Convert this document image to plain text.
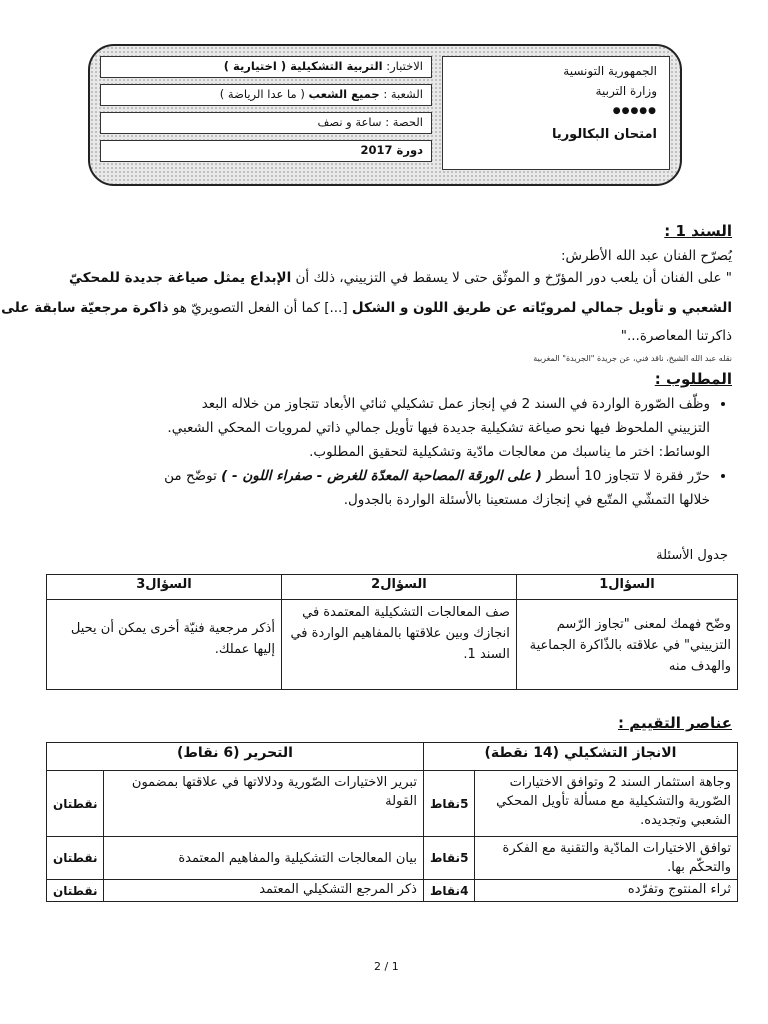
الجمهورية التونسية
وزارة التربية
●●●●●
امتحان البكالوريا
الاختبار: التربية التشكيلية ( اختيارية )
الشعبة : جميع الشعب ( ما عدا الرياضة )
الحصة : ساعة و نصف
دورة 2017
السند 1 :
يُصرّح الفنان عبد الله الأطرش:
" على الفنان أن يلعب دور المؤرّخ و الموثّق حتى لا يسقط في التزييني، ذلك أن الإبداع يمثل صياغة جديدة للمحكيّ
الشعبي و تأويل جمالي لمرويّاته عن طريق اللون و الشكل [...] كما أن الفعل التصويريّ هو ذاكرة مرجعيّة سابقة على
ذاكرتنا المعاصرة..."
نقله عبد الله الشيخ، ناقد فني، عن جريدة "الجريدة" المغربية
المطلوب :
• وظّف الصّورة الواردة في السند 2 في إنجاز عمل تشكيلي ثنائي الأبعاد تتجاوز من خلاله البعد
التزييني الملحوظ فيها نحو صياغة تشكيلية جديدة فيها تأويل جمالي ذاتي لمرويات المحكي الشعبي.
الوسائط: اختر ما يناسبك من معالجات مادّية وتشكيلية لتحقيق المطلوب.
• حرّر فقرة لا تتجاوز 10 أسطر ( على الورقة المصاحبة المعدّة للغرض - صفراء اللون - ) توضّح من
خلالها التمشّي المتّبع في إنجازك مستعينا بالأسئلة الواردة بالجدول.
جدول الأسئلة
السؤال1	السؤال2	السؤال3
وضّح فهمك لمعنى "تجاوز الرّسم التزييني" في علاقته بالذّاكرة الجماعية والهدف منه	صف المعالجات التشكيلية المعتمدة في انجازك وبين علاقتها بالمفاهيم الواردة في السند 1.	أذكر مرجعية فنيّة أخرى يمكن أن يحيل إليها عملك.
عناصر التقييم :
الانجاز التشكيلي (14 نقطة)		التحرير (6 نقاط)	
وجاهة استثمار السند 2 وتوافق الاختيارات الصّورية والتشكيلية مع مسألة تأويل المحكي الشعبي وتجديده.	5نقاط	تبرير الاختيارات الصّورية ودلالاتها في علاقتها بمضمون القولة	نقطتان
توافق الاختيارات المادّية والتقنية مع الفكرة والتحكّم بها.	5نقاط	بيان المعالجات التشكيلية والمفاهيم المعتمدة	نقطتان
ثراء المنتوج وتفرّده	4نقاط	ذكر المرجع التشكيلي المعتمد	نقطتان
2 / 1
